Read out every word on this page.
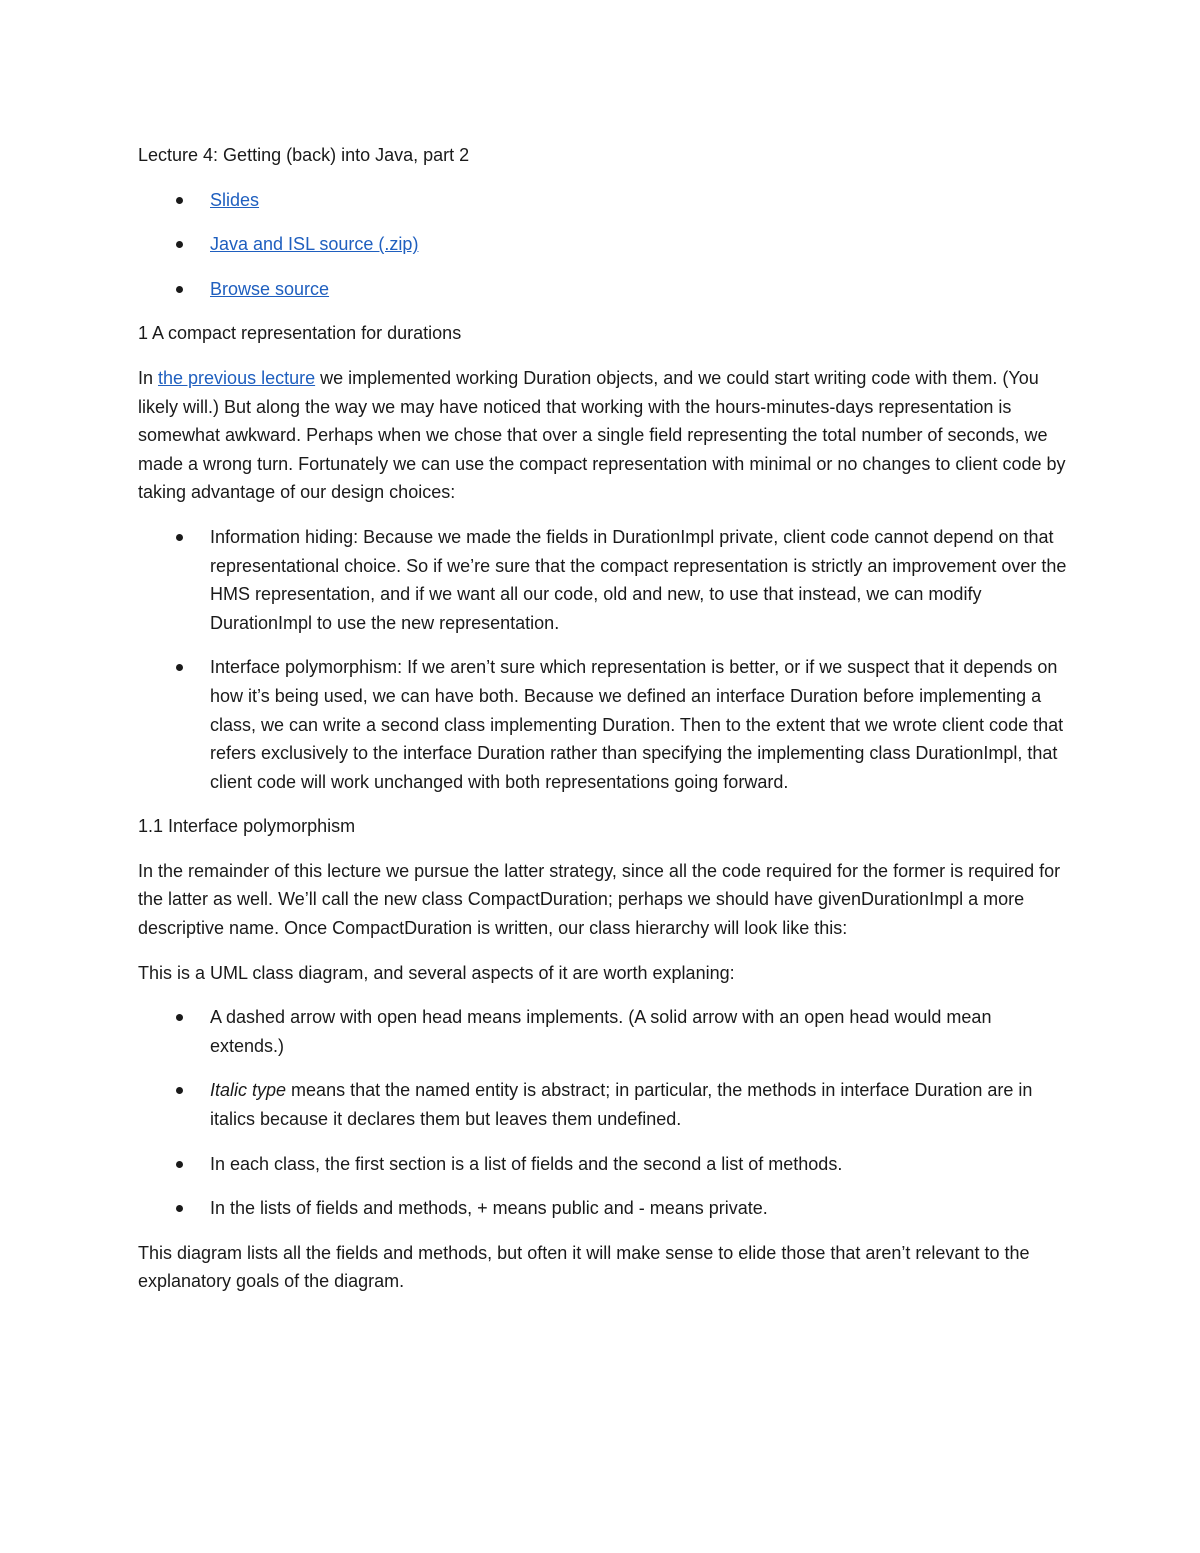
Lecture 4: Getting (back) into Java, part 2

Slides
Java and ISL source (.zip)
Browse source

1 A compact representation for durations

In the previous lecture we implemented working Duration objects, and we could start writing code with them. (You likely will.) But along the way we may have noticed that working with the hours-minutes-days representation is somewhat awkward. Perhaps when we chose that over a single field representing the total number of seconds, we made a wrong turn. Fortunately we can use the compact representation with minimal or no changes to client code by taking advantage of our design choices:

Information hiding: Because we made the fields in DurationImpl private, client code cannot depend on that representational choice. So if we’re sure that the compact representation is strictly an improvement over the HMS representation, and if we want all our code, old and new, to use that instead, we can modify DurationImpl to use the new representation.
Interface polymorphism: If we aren’t sure which representation is better, or if we suspect that it depends on how it’s being used, we can have both. Because we defined an interface Duration before implementing a class, we can write a second class implementing Duration. Then to the extent that we wrote client code that refers exclusively to the interface Duration rather than specifying the implementing class DurationImpl, that client code will work unchanged with both representations going forward.

1.1 Interface polymorphism

In the remainder of this lecture we pursue the latter strategy, since all the code required for the former is required for the latter as well. We’ll call the new class CompactDuration; perhaps we should have givenDurationImpl a more descriptive name. Once CompactDuration is written, our class hierarchy will look like this:

This is a UML class diagram, and several aspects of it are worth explaning:

A dashed arrow with open head means implements. (A solid arrow with an open head would mean extends.)
Italic type means that the named entity is abstract; in particular, the methods in interface Duration are in italics because it declares them but leaves them undefined.
In each class, the first section is a list of fields and the second a list of methods.
In the lists of fields and methods, + means public and - means private.

This diagram lists all the fields and methods, but often it will make sense to elide those that aren’t relevant to the explanatory goals of the diagram.
